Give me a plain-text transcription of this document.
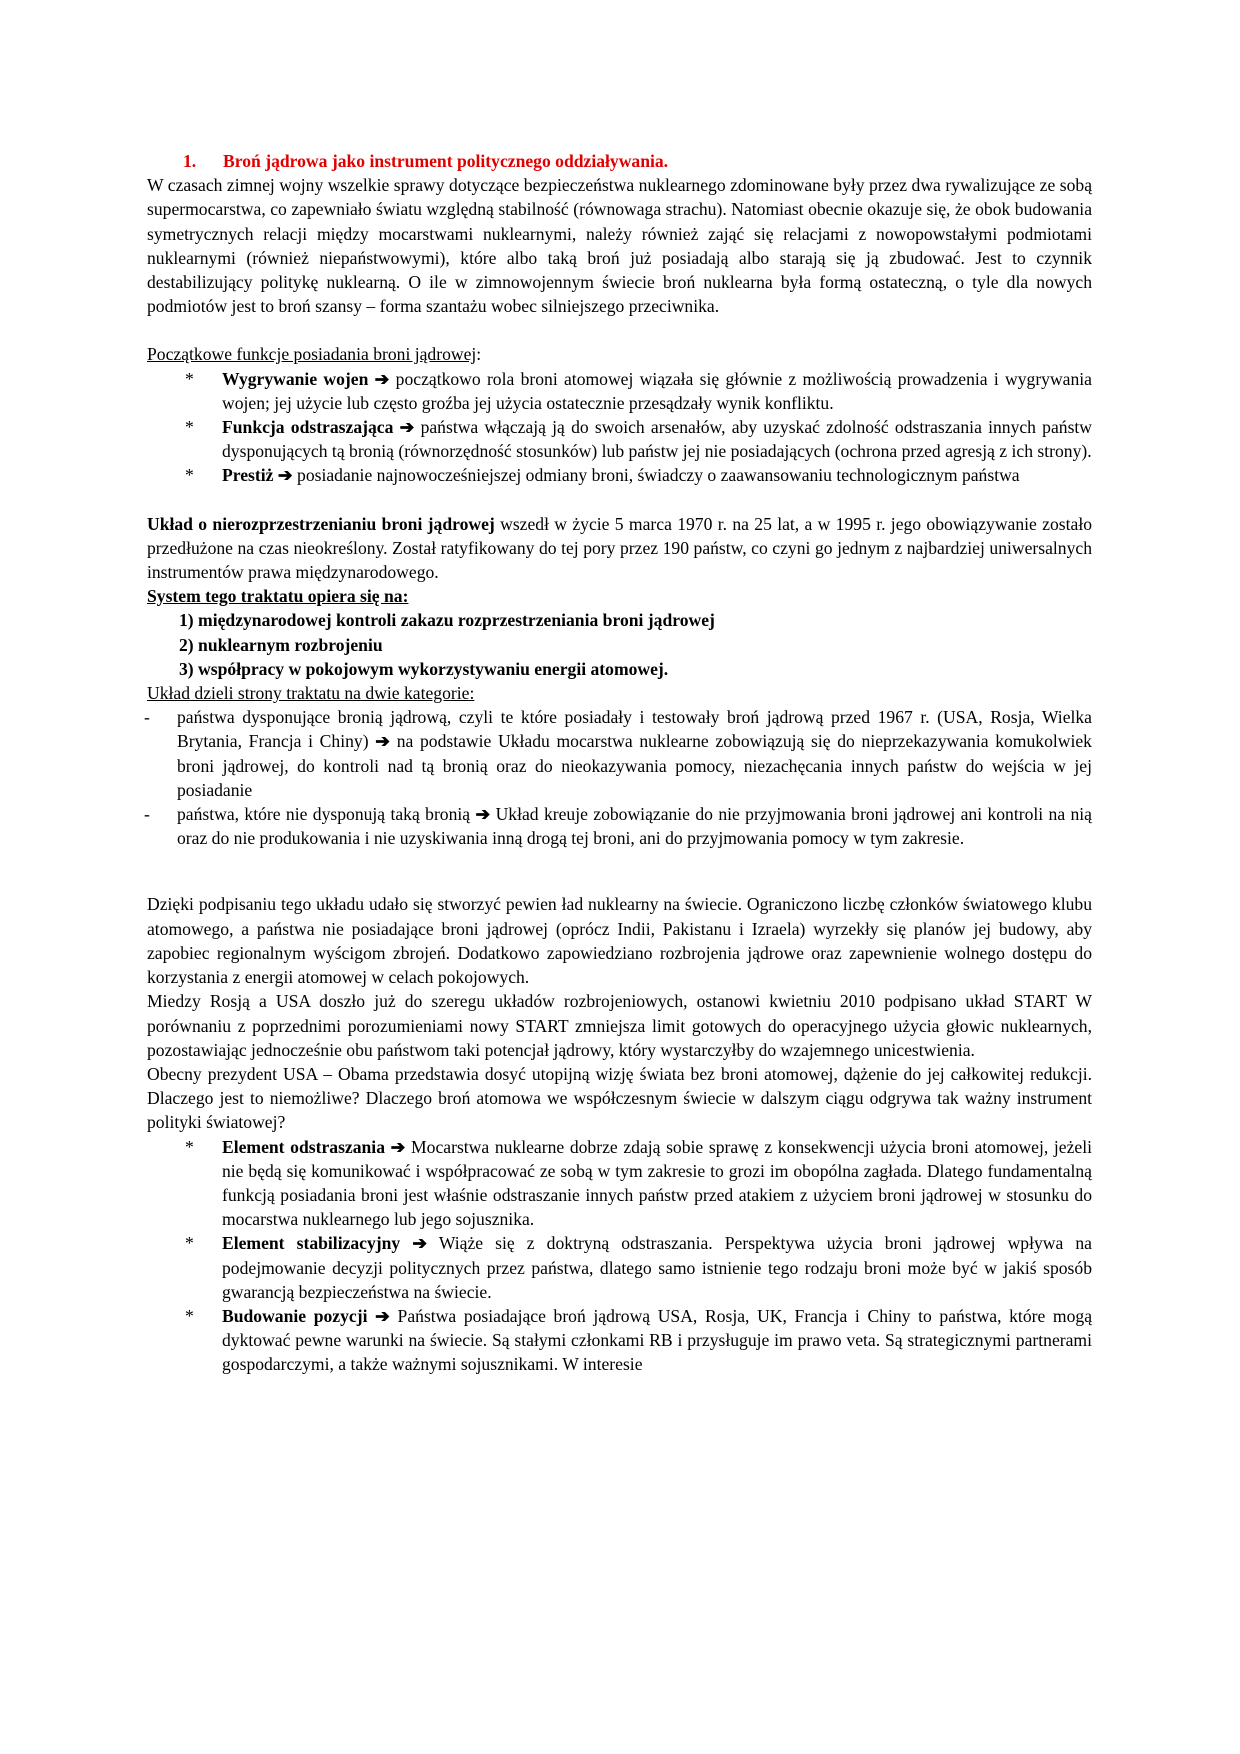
1. Broń jądrowa jako instrument politycznego oddziaływania.

W czasach zimnej wojny wszelkie sprawy dotyczące bezpieczeństwa nuklearnego zdominowane były przez dwa rywalizujące ze sobą supermocarstwa, co zapewniało światu względną stabilność (równowaga strachu). Natomiast obecnie okazuje się, że obok budowania symetrycznych relacji między mocarstwami nuklearnymi, należy również zająć się relacjami z nowopowstałymi podmiotami nuklearnymi (również niepaństwowymi), które albo taką broń już posiadają albo starają się ją zbudować. Jest to czynnik destabilizujący politykę nuklearną. O ile w zimnowojennym świecie broń nuklearna była formą ostateczną, o tyle dla nowych podmiotów jest to broń szansy – forma szantażu wobec silniejszego przeciwnika.

Początkowe funkcje posiadania broni jądrowej:

* Wygrywanie wojen ➔ początkowo rola broni atomowej wiązała się głównie z możliwością prowadzenia i wygrywania wojen; jej użycie lub często groźba jej użycia ostatecznie przesądzały wynik konfliktu.
* Funkcja odstraszająca ➔ państwa włączają ją do swoich arsenałów, aby uzyskać zdolność odstraszania innych państw dysponujących tą bronią (równorzędność stosunków) lub państw jej nie posiadających (ochrona przed agresją z ich strony).
* Prestiż ➔ posiadanie najnowocześniejszej odmiany broni, świadczy o zaawansowaniu technologicznym państwa

Układ o nierozprzestrzenianiu broni jądrowej wszedł w życie 5 marca 1970 r. na 25 lat, a w 1995 r. jego obowiązywanie zostało przedłużone na czas nieokreślony. Został ratyfikowany do tej pory przez 190 państw, co czyni go jednym z najbardziej uniwersalnych instrumentów prawa międzynarodowego.

System tego traktatu opiera się na:

1) międzynarodowej kontroli zakazu rozprzestrzeniania broni jądrowej

2) nuklearnym rozbrojeniu

3) współpracy w pokojowym wykorzystywaniu energii atomowej.

Układ dzieli strony traktatu na dwie kategorie:

- państwa dysponujące bronią jądrową, czyli te które posiadały i testowały broń jądrową przed 1967 r. (USA, Rosja, Wielka Brytania, Francja i Chiny) ➔ na podstawie Układu mocarstwa nuklearne zobowiązują się do nieprzekazywania komukolwiek broni jądrowej, do kontroli nad tą bronią oraz do nieokazywania pomocy, niezachęcania innych państw do wejścia w jej posiadanie
- państwa, które nie dysponują taką bronią ➔ Układ kreuje zobowiązanie do nie przyjmowania broni jądrowej ani kontroli na nią oraz do nie produkowania i nie uzyskiwania inną drogą tej broni, ani do przyjmowania pomocy w tym zakresie.

Dzięki podpisaniu tego układu udało się stworzyć pewien ład nuklearny na świecie. Ograniczono liczbę członków światowego klubu atomowego, a państwa nie posiadające broni jądrowej (oprócz Indii, Pakistanu i Izraela) wyrzekły się planów jej budowy, aby zapobiec regionalnym wyścigom zbrojeń. Dodatkowo zapowiedziano rozbrojenia jądrowe oraz zapewnienie wolnego dostępu do korzystania z energii atomowej w celach pokojowych.

Miedzy Rosją a USA doszło już do szeregu układów rozbrojeniowych, ostanowi kwietniu 2010 podpisano układ START W porównaniu z poprzednimi porozumieniami nowy START zmniejsza limit gotowych do operacyjnego użycia głowic nuklearnych, pozostawiając jednocześnie obu państwom taki potencjał jądrowy, który wystarczyłby do wzajemnego unicestwienia.

Obecny prezydent USA – Obama przedstawia dosyć utopijną wizję świata bez broni atomowej, dążenie do jej całkowitej redukcji. Dlaczego jest to niemożliwe? Dlaczego broń atomowa we współczesnym świecie w dalszym ciągu odgrywa tak ważny instrument polityki światowej?

* Element odstraszania ➔ Mocarstwa nuklearne dobrze zdają sobie sprawę z konsekwencji użycia broni atomowej, jeżeli nie będą się komunikować i współpracować ze sobą w tym zakresie to grozi im obopólna zagłada. Dlatego fundamentalną funkcją posiadania broni jest właśnie odstraszanie innych państw przed atakiem z użyciem broni jądrowej w stosunku do mocarstwa nuklearnego lub jego sojusznika.
* Element stabilizacyjny ➔ Wiąże się z doktryną odstraszania. Perspektywa użycia broni jądrowej wpływa na podejmowanie decyzji politycznych przez państwa, dlatego samo istnienie tego rodzaju broni może być w jakiś sposób gwarancją bezpieczeństwa na świecie.
* Budowanie pozycji ➔ Państwa posiadające broń jądrową USA, Rosja, UK, Francja i Chiny to państwa, które mogą dyktować pewne warunki na świecie. Są stałymi członkami RB i przysługuje im prawo veta. Są strategicznymi partnerami gospodarczymi, a także ważnymi sojusznikami. W interesie
